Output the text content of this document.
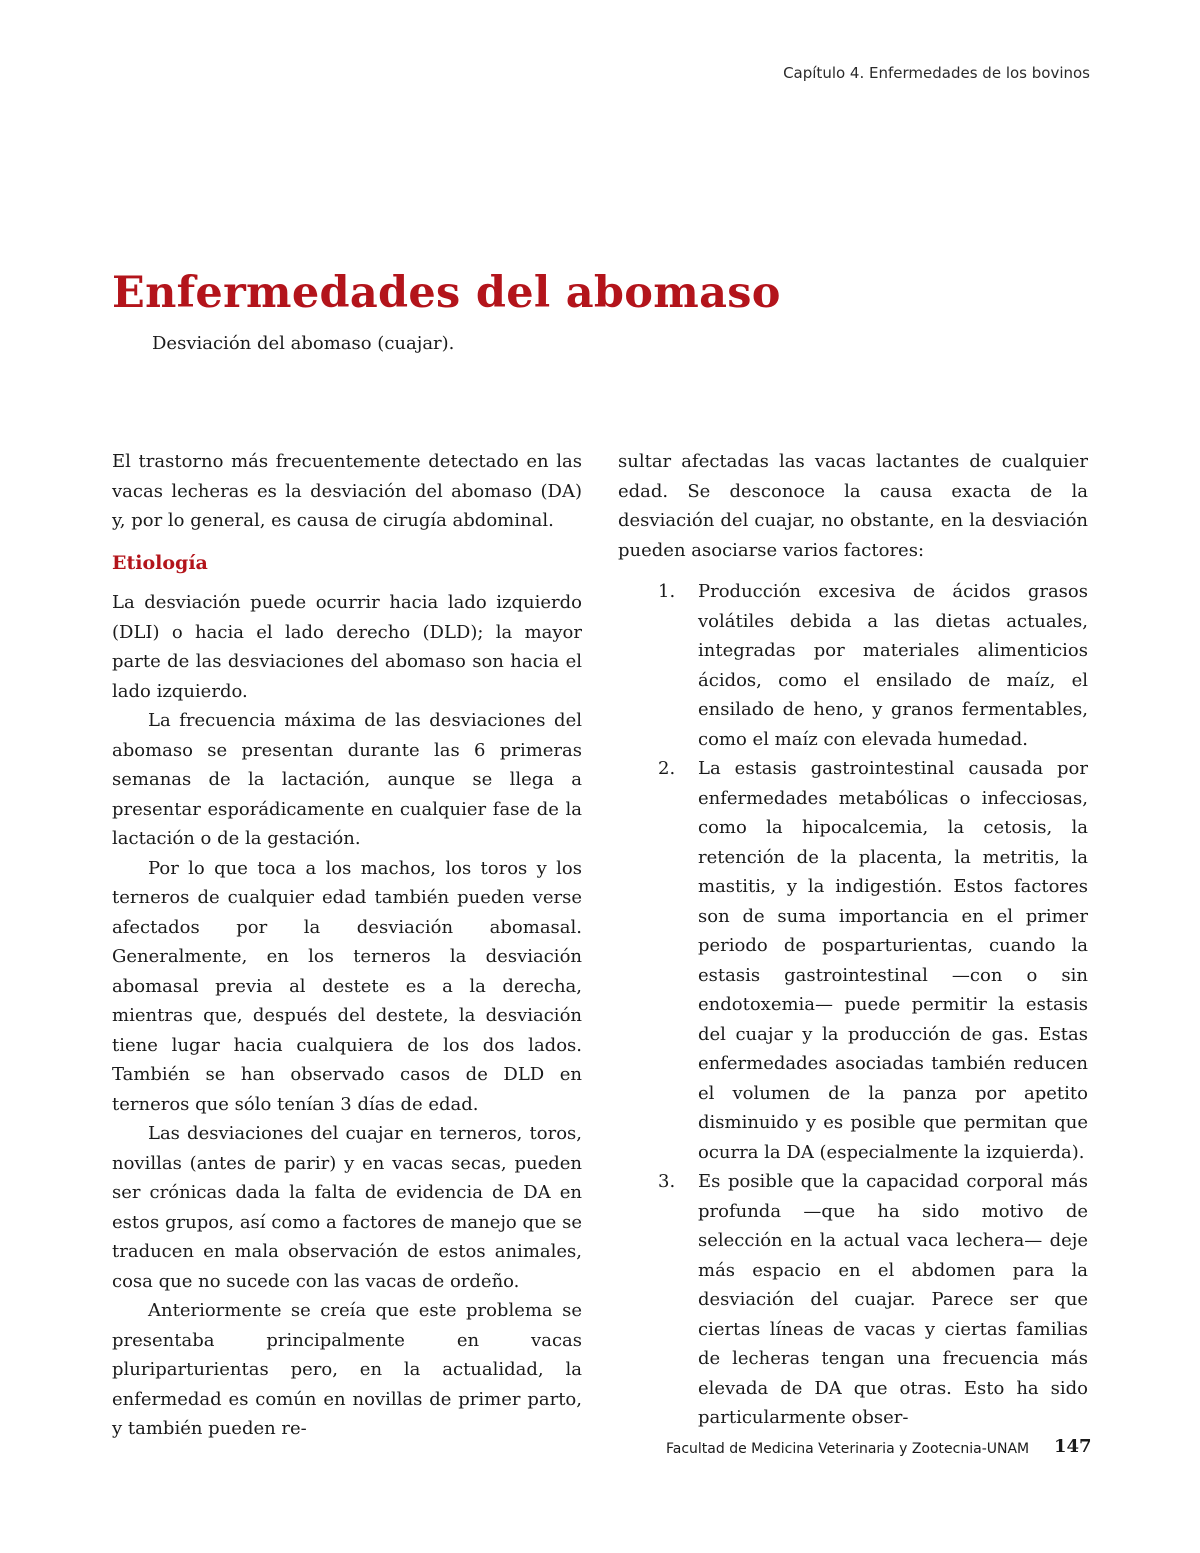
Capítulo 4. Enfermedades de los bovinos
Enfermedades del abomaso
Desviación del abomaso (cuajar).

El trastorno más frecuentemente detectado en las vacas lecheras es la desviación del abomaso (DA) y, por lo general, es causa de cirugía abdominal.

Etiología

La desviación puede ocurrir hacia lado izquierdo (DLI) o hacia el lado derecho (DLD); la mayor parte de las desviaciones del abomaso son hacia el lado izquierdo.

La frecuencia máxima de las desviaciones del abomaso se presentan durante las 6 primeras semanas de la lactación, aunque se llega a presentar esporádicamente en cualquier fase de la lactación o de la gestación.

Por lo que toca a los machos, los toros y los terneros de cualquier edad también pueden verse afectados por la desviación abomasal. Generalmente, en los terneros la desviación abomasal previa al destete es a la derecha, mientras que, después del destete, la desviación tiene lugar hacia cualquiera de los dos lados. También se han observado casos de DLD en terneros que sólo tenían 3 días de edad.

Las desviaciones del cuajar en terneros, toros, novillas (antes de parir) y en vacas secas, pueden ser crónicas dada la falta de evidencia de DA en estos grupos, así como a factores de manejo que se traducen en mala observación de estos animales, cosa que no sucede con las vacas de ordeño.

Anteriormente se creía que este problema se presentaba principalmente en vacas pluriparturientas pero, en la actualidad, la enfermedad es común en novillas de primer parto, y también pueden re-

sultar afectadas las vacas lactantes de cualquier edad. Se desconoce la causa exacta de la desviación del cuajar, no obstante, en la desviación pueden asociarse varios factores:

1. Producción excesiva de ácidos grasos volátiles debida a las dietas actuales, integradas por materiales alimenticios ácidos, como el ensilado de maíz, el ensilado de heno, y granos fermentables, como el maíz con elevada humedad.
2. La estasis gastrointestinal causada por enfermedades metabólicas o infecciosas, como la hipocalcemia, la cetosis, la retención de la placenta, la metritis, la mastitis, y la indigestión. Estos factores son de suma importancia en el primer periodo de posparturientas, cuando la estasis gastrointestinal —con o sin endotoxemia— puede permitir la estasis del cuajar y la producción de gas. Estas enfermedades asociadas también reducen el volumen de la panza por apetito disminuido y es posible que permitan que ocurra la DA (especialmente la izquierda).
3. Es posible que la capacidad corporal más profunda —que ha sido motivo de selección en la actual vaca lechera— deje más espacio en el abdomen para la desviación del cuajar. Parece ser que ciertas líneas de vacas y ciertas familias de lecheras tengan una frecuencia más elevada de DA que otras. Esto ha sido particularmente obser-
Facultad de Medicina Veterinaria y Zootecnia-UNAM 147
